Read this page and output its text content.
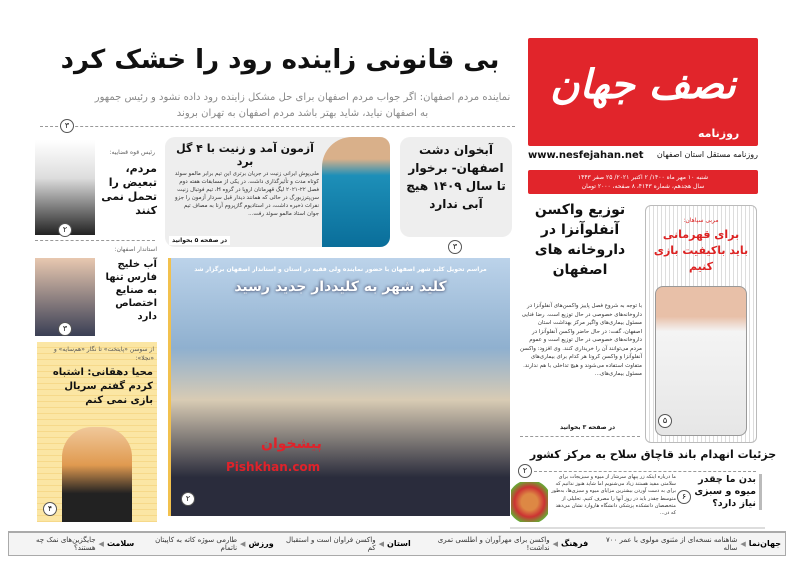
نصف جهان
روزنامه
www.nesfejahan.net روزنامه مستقل استان اصفهان
شنبه ۱۰ مهر ماه ۱۴۰۰/ ۲ اکتبر ۲۰۲۱/ ۲۵ صفر ۱۴۴۳
سال هجدهم، شماره ۴۱۴۳، ۸ صفحه، ۲۰۰۰ تومان
بی قانونی زاینده رود را خشک کرد
نماینده مردم اصفهان: اگر جواب مردم اصفهان برای حل مشکل زاینده رود داده نشود و رئیس جمهور به اصفهان نیاید، شاید بهتر باشد مردم اصفهان به تهران بروند
۳
رئیس قوه قضاییه:
مردم، تبعیض را تحمل نمی کنند
۲
استاندار اصفهان:
آب خلیج فارس تنها به صنایع اختصاص دارد
۳
از سوسن «پایتخت» تا نگار «هم‌سایه» و «نجلا»:
محیا دهقانی: اشتباه کردم گفتم سریال بازی نمی کنم
۴
آزمون آمد و زنیت با ۴ گل برد
ملی‌پوش ایرانی زنیت در جریان برتری این تیم برابر مالمو سوئد کوتاه مدت و تأثیرگذاری داشت. در یکی از مسابقات هفته دوم فصل ۲۲-۲۰۲۱ لیگ قهرمانان اروپا در گروه H، تیم فوتبال زنیت سن‌پترزبورگ در حالی که همانند دیدار قبل سردار آزمون را جزو نفرات ذخیره داشت، در استادیوم گازپروم آرنا به مصاف تیم جوان استاد مالمو سوئد رفت...
در صفحه ۵ بخوانید
آبخوان دشت اصفهان- برخوار تا سال ۱۴۰۹ هیچ آبی ندارد
۳
مراسم تحویل کلید شهر اصفهان با حضور نماینده ولی فقیه در استان و استاندار اصفهان برگزار شد
کلید شهر به کلیددار جدید رسید
پیشخوان
Pishkhan.com
۲
توزیع واکسن آنفلوآنزا در داروخانه های اصفهان
با توجه به شروع فصل پاییز واکسن‌های آنفلوآنزا در داروخانه‌های خصوصی در حال توزیع است. رضا فنایی مسئول بیماری‌های واگیر مرکز بهداشت استان اصفهان، گفت: در حال حاضر واکسن آنفلوآنزا در داروخانه‌های خصوصی در حال توزیع است و عموم مردم می‌توانند آن را خریداری کنند. وی افزود: واکسن آنفلوآنزا و واکسن کرونا هر کدام برای بیماری‌های متفاوت استفاده می‌شوند و هیچ تداخلی با هم ندارند. مسئول بیماری‌های...
در صفحه ۳ بخوانید
مربی سپاهان:
برای قهرمانی باید باکیفیت بازی کنیم
۵
جزئیات انهدام باند قاچاق سلاح به مرکز کشور
۲
بدن ما چقدر میوه و سبزی نیاز دارد؟
ما درباره اینکه زر پیهای سرشار از میوه و سبزیجات برای سلامتی مفید هستند زیاد می‌شنویم اما شاید هنوز ندانیم که برای به دست آوردن بیشترین مزایای میوه و سبزی‌ها، به‌طور متوسط چقدر باید در روز آنها را مصرف کنیم. تحلیلی از متخصصان دانشکده پزشکی دانشگاه هاروارد نشان می‌دهد که در...
۶
جهان‌نما
◀
شاهنامه نسخه‌ای از مثنوی مولوی با عمر ۷۰۰ ساله
فرهنگ
◀
واکسن برای مهرآوران و اطلسی تمری نداشت!
استان
◀
واکسن فراوان است و استقبال کم
ورزش
◀
طارمی سوژه کاته به کاپیتان ناتمام
سلامت
◀
جایگزین‌های نمک چه هستند؟
